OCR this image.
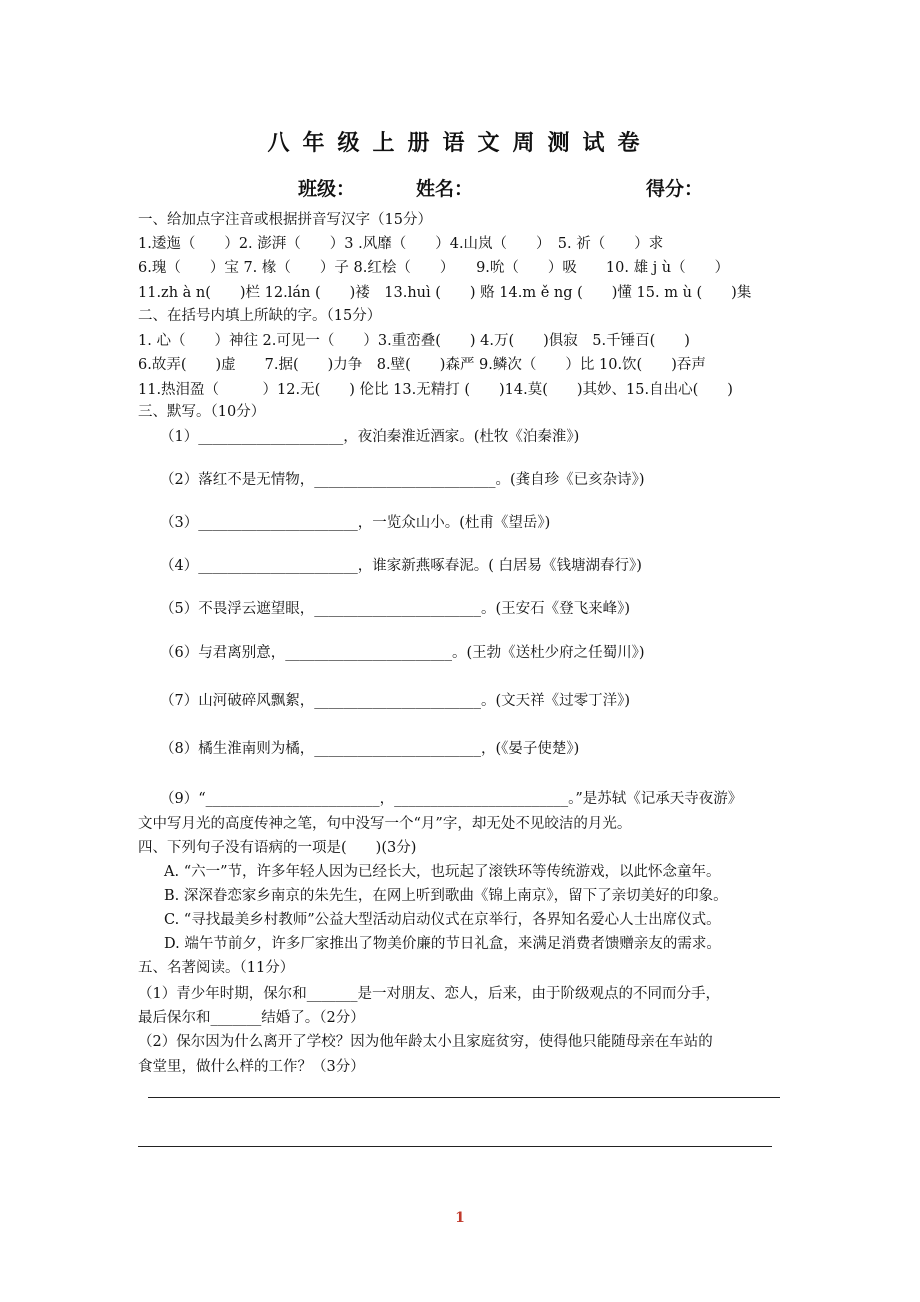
八年级上册语文周测试卷
班级：	姓名：	得分：
一、给加点字注音或根据拼音写汉字（15分）
1.逶迤（　　）2. 澎湃（　　）3 .风靡（　　）4.山岚（　　）　5. 祈（　　）求
6.瑰（　　）宝 7. 椽（　　）子 8.红桧（　　）　　9.吮（　　）吸　　10. 雄 j ù（　　）
11.zh à n(　　)栏 12.lán (　　)褛　13.huì (　　) 赂 14.m ě ng (　　)懂 15. m ù (　　)集
二、在括号内填上所缺的字。（15分）
1. 心（　　）神往 2.可见一（　　）3.重峦叠(　　) 4.万(　　)俱寂　5.千锤百(　　)
6.故弄(　　)虚　　7.据(　　)力争　8.壁(　　)森严 9.鳞次（　　）比 10.饮(　　)吞声
11.热泪盈（　　　）12.无(　　) 伦比 13.无精打 (　　)14.莫(　　)其妙、15.自出心(　　)
三、默写。（10分）
（1）____________________，夜泊秦淮近酒家。(杜牧《泊秦淮》)
（2）落红不是无情物，_________________________。(龚自珍《已亥杂诗》)
（3）______________________，一览众山小。(杜甫《望岳》)
（4）______________________，谁家新燕啄春泥。( 白居易《钱塘湖春行》)
（5）不畏浮云遮望眼，_______________________。(王安石《登飞来峰》)
（6）与君离别意，_______________________。(王勃《送杜少府之任蜀川》)
（7）山河破碎风飘絮，_______________________。(文天祥《过零丁洋》)
（8）橘生淮南则为橘，_______________________，(《晏子使楚》)
（9）“________________________，________________________。”是苏轼《记承天寺夜游》
文中写月光的高度传神之笔，句中没写一个“月”字，却无处不见皎洁的月光。
四、下列句子没有语病的一项是(　　)(3分)
A. “六一”节，许多年轻人因为已经长大，也玩起了滚铁环等传统游戏，以此怀念童年。
B. 深深眷恋家乡南京的朱先生，在网上听到歌曲《锦上南京》，留下了亲切美好的印象。
C. “寻找最美乡村教师”公益大型活动启动仪式在京举行，各界知名爱心人士出席仪式。
D. 端午节前夕，许多厂家推出了物美价廉的节日礼盒，来满足消费者馈赠亲友的需求。
五、名著阅读。（11分）
（1）青少年时期，保尔和_______是一对朋友、恋人，后来，由于阶级观点的不同而分手，
最后保尔和_______结婚了。（2分）
（2）保尔因为什么离开了学校？因为他年龄太小且家庭贫穷，使得他只能随母亲在车站的
食堂里，做什么样的工作？（3分）
1
